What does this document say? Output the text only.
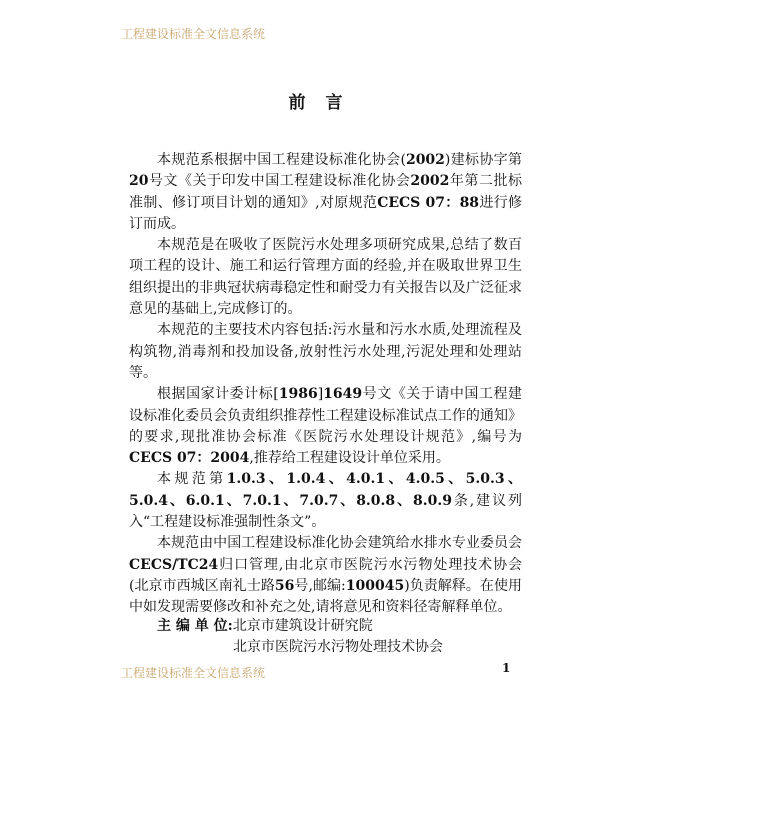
工程建设标准全文信息系统
前言

本规范系根据中国工程建设标准化协会(2002)建标协字第20号文《关于印发中国工程建设标准化协会2002年第二批标准制、修订项目计划的通知》,对原规范CECS 07：88进行修订而成。

本规范是在吸收了医院污水处理多项研究成果,总结了数百项工程的设计、施工和运行管理方面的经验,并在吸取世界卫生组织提出的非典冠状病毒稳定性和耐受力有关报告以及广泛征求意见的基础上,完成修订的。

本规范的主要技术内容包括:污水量和污水水质,处理流程及构筑物,消毒剂和投加设备,放射性污水处理,污泥处理和处理站等。

根据国家计委计标[1986]1649号文《关于请中国工程建设标准化委员会负责组织推荐性工程建设标准试点工作的通知》的要求,现批准协会标准《医院污水处理设计规范》,编号为CECS 07：2004,推荐给工程建设设计单位采用。

本规范第1.0.3、1.0.4、4.0.1、4.0.5、5.0.3、5.0.4、6.0.1、7.0.1、7.0.7、8.0.8、8.0.9条,建议列入“工程建设标准强制性条文”。

本规范由中国工程建设标准化协会建筑给水排水专业委员会CECS/TC24归口管理,由北京市医院污水污物处理技术协会(北京市西城区南礼士路56号,邮编:100045)负责解释。在使用中如发现需要修改和补充之处,请将意见和资料径寄解释单位。

主 编 单 位:北京市建筑设计研究院
北京市医院污水污物处理技术协会
工程建设标准全文信息系统	1
